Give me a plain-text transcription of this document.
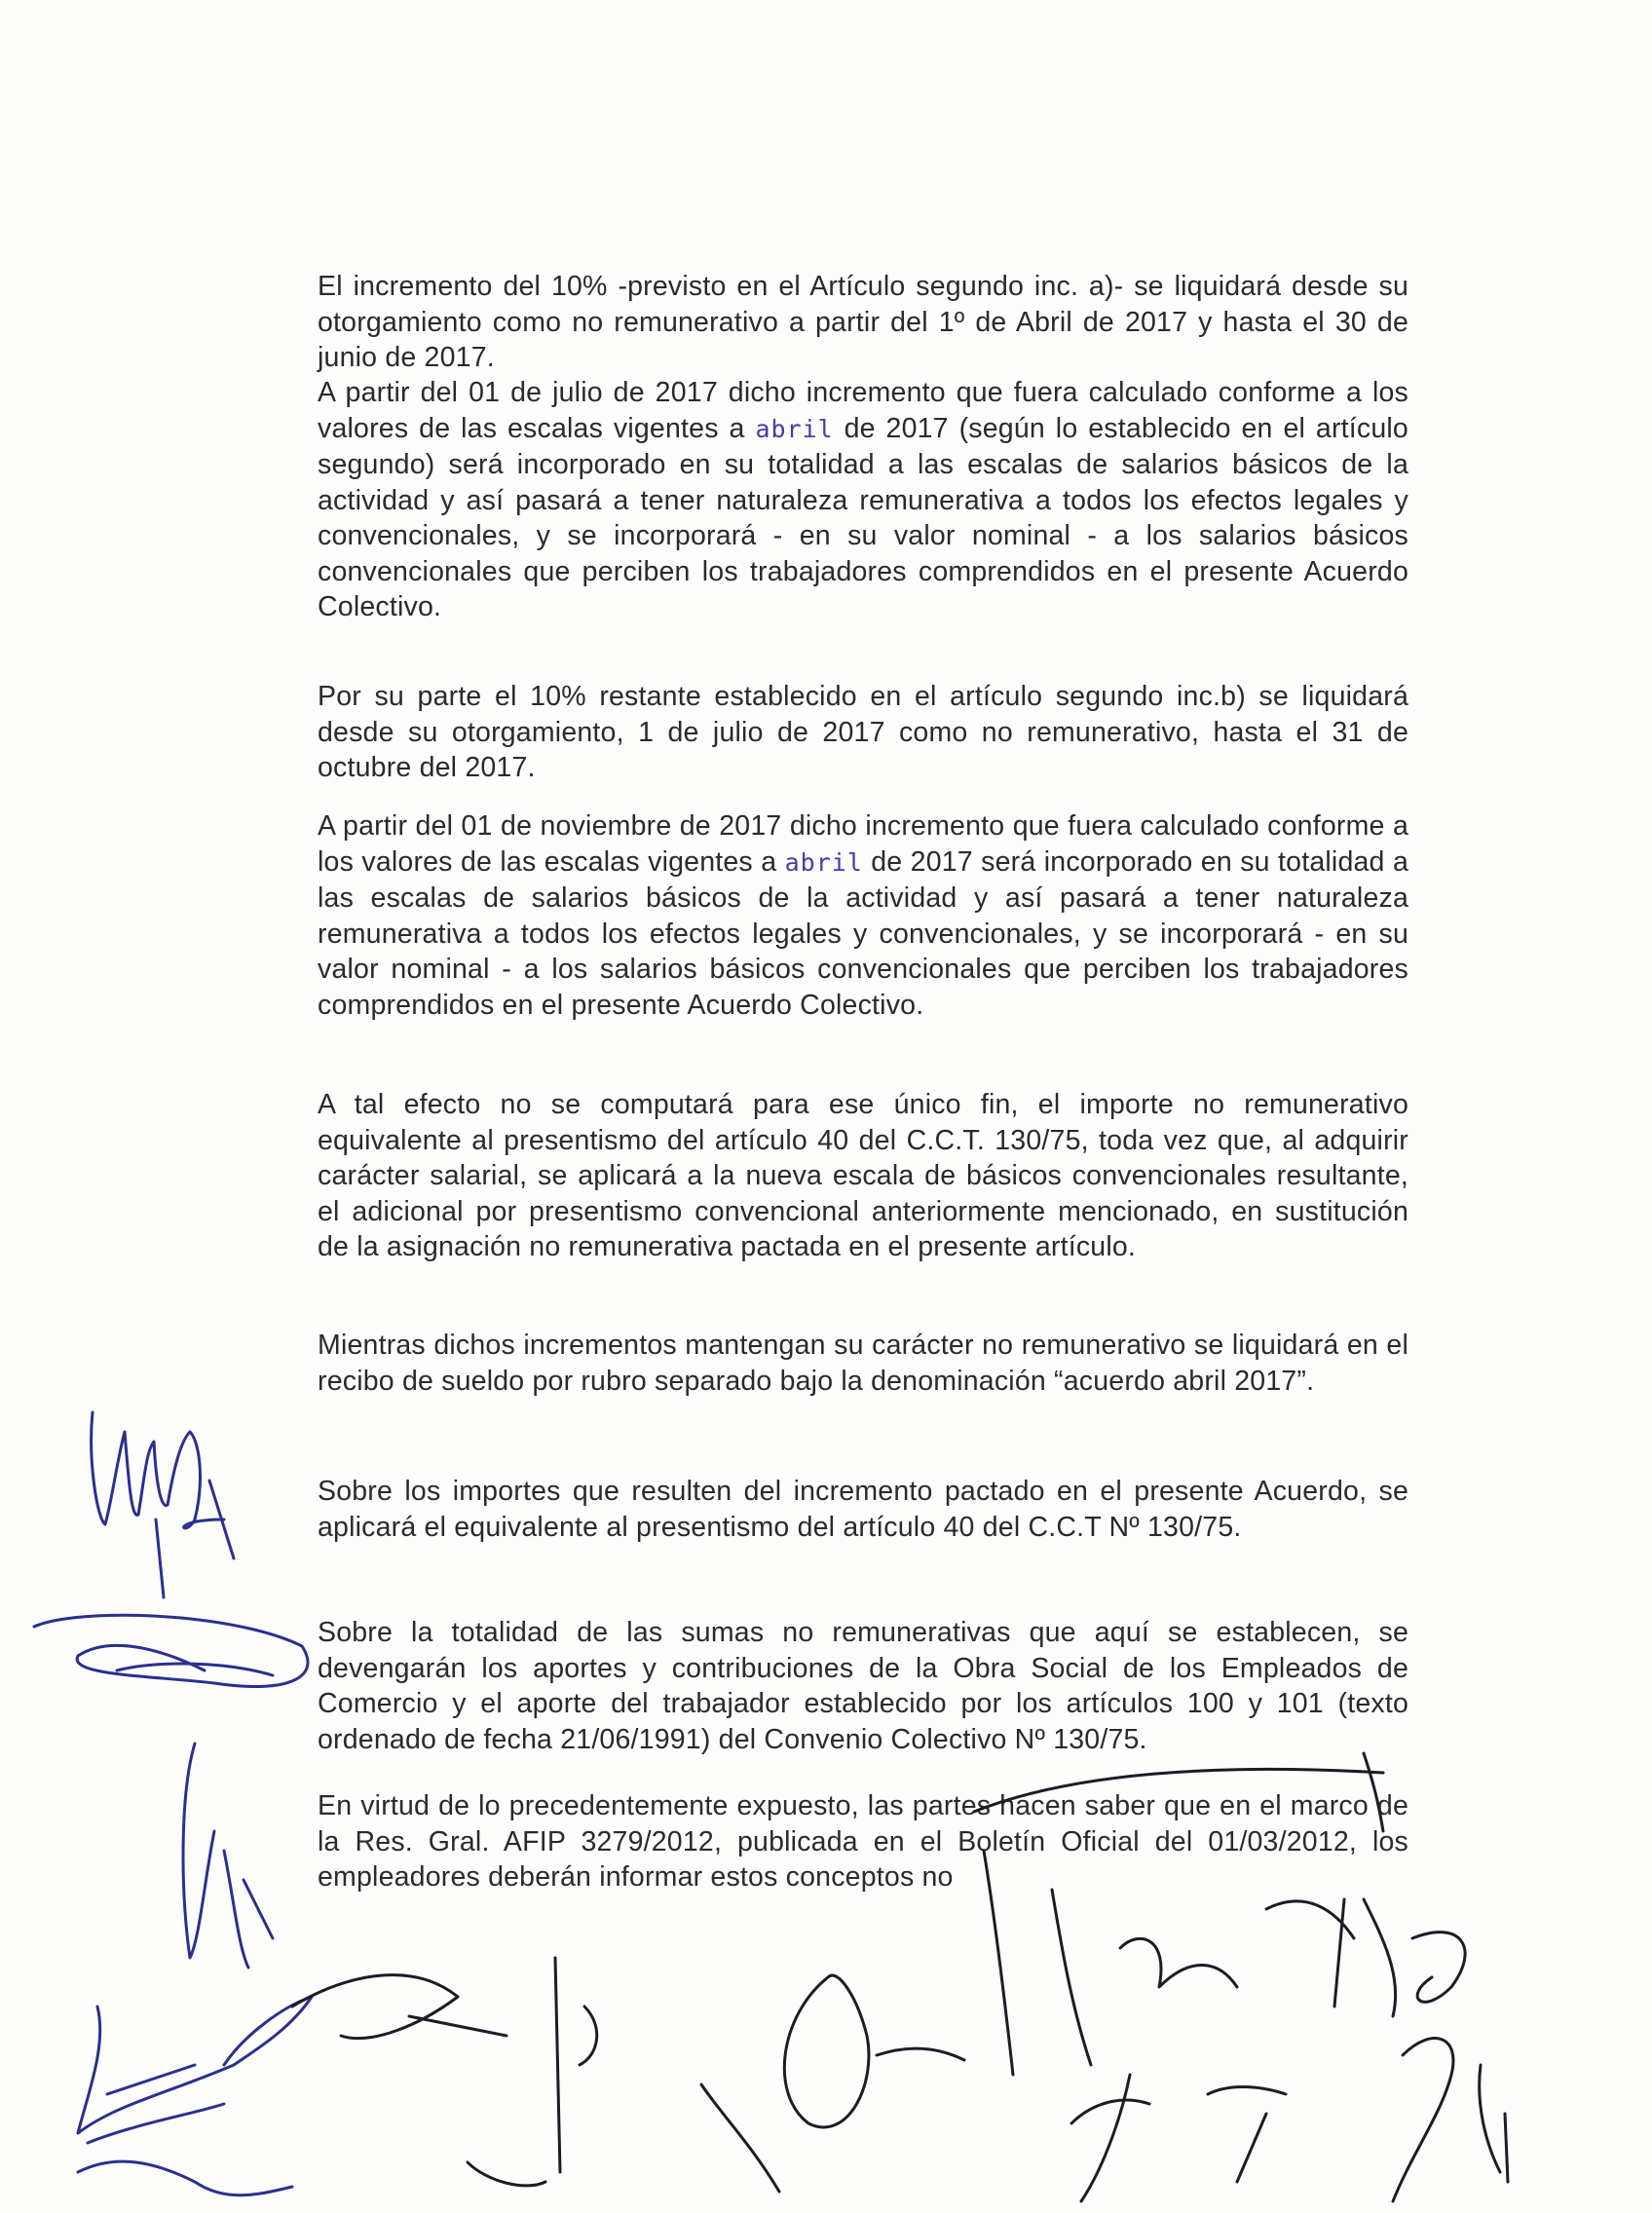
El incremento del 10% -previsto en el Artículo segundo inc. a)- se liquidará desde su otorgamiento como no remunerativo a partir del 1º de Abril de 2017 y hasta el 30 de junio de 2017.

A partir del 01 de julio de 2017 dicho incremento que fuera calculado conforme a los valores de las escalas vigentes a abril de 2017 (según lo establecido en el artículo segundo) será incorporado en su totalidad a las escalas de salarios básicos de la actividad y así pasará a tener naturaleza remunerativa a todos los efectos legales y convencionales, y se incorporará - en su valor nominal - a los salarios básicos convencionales que perciben los trabajadores comprendidos en el presente Acuerdo Colectivo.

Por su parte el 10% restante establecido en el artículo segundo inc.b) se liquidará desde su otorgamiento, 1 de julio de 2017 como no remunerativo, hasta el 31 de octubre del 2017.

A partir del 01 de noviembre de 2017 dicho incremento que fuera calculado conforme a los valores de las escalas vigentes a abril de 2017 será incorporado en su totalidad a las escalas de salarios básicos de la actividad y así pasará a tener naturaleza remunerativa a todos los efectos legales y convencionales, y se incorporará - en su valor nominal - a los salarios básicos convencionales que perciben los trabajadores comprendidos en el presente Acuerdo Colectivo.

A tal efecto no se computará para ese único fin, el importe no remunerativo equivalente al presentismo del artículo 40 del C.C.T. 130/75, toda vez que, al adquirir carácter salarial, se aplicará a la nueva escala de básicos convencionales resultante, el adicional por presentismo convencional anteriormente mencionado, en sustitución de la asignación no remunerativa pactada en el presente artículo.

Mientras dichos incrementos mantengan su carácter no remunerativo se liquidará en el recibo de sueldo por rubro separado bajo la denominación “acuerdo abril 2017”.

Sobre los importes que resulten del incremento pactado en el presente Acuerdo, se aplicará el equivalente al presentismo del artículo 40 del C.C.T Nº 130/75.

Sobre la totalidad de las sumas no remunerativas que aquí se establecen, se devengarán los aportes y contribuciones de la Obra Social de los Empleados de Comercio y el aporte del trabajador establecido por los artículos 100 y 101 (texto ordenado de fecha 21/06/1991) del Convenio Colectivo Nº 130/75.

En virtud de lo precedentemente expuesto, las partes hacen saber que en el marco de la Res. Gral. AFIP 3279/2012, publicada en el Boletín Oficial del 01/03/2012, los empleadores deberán informar estos conceptos no
